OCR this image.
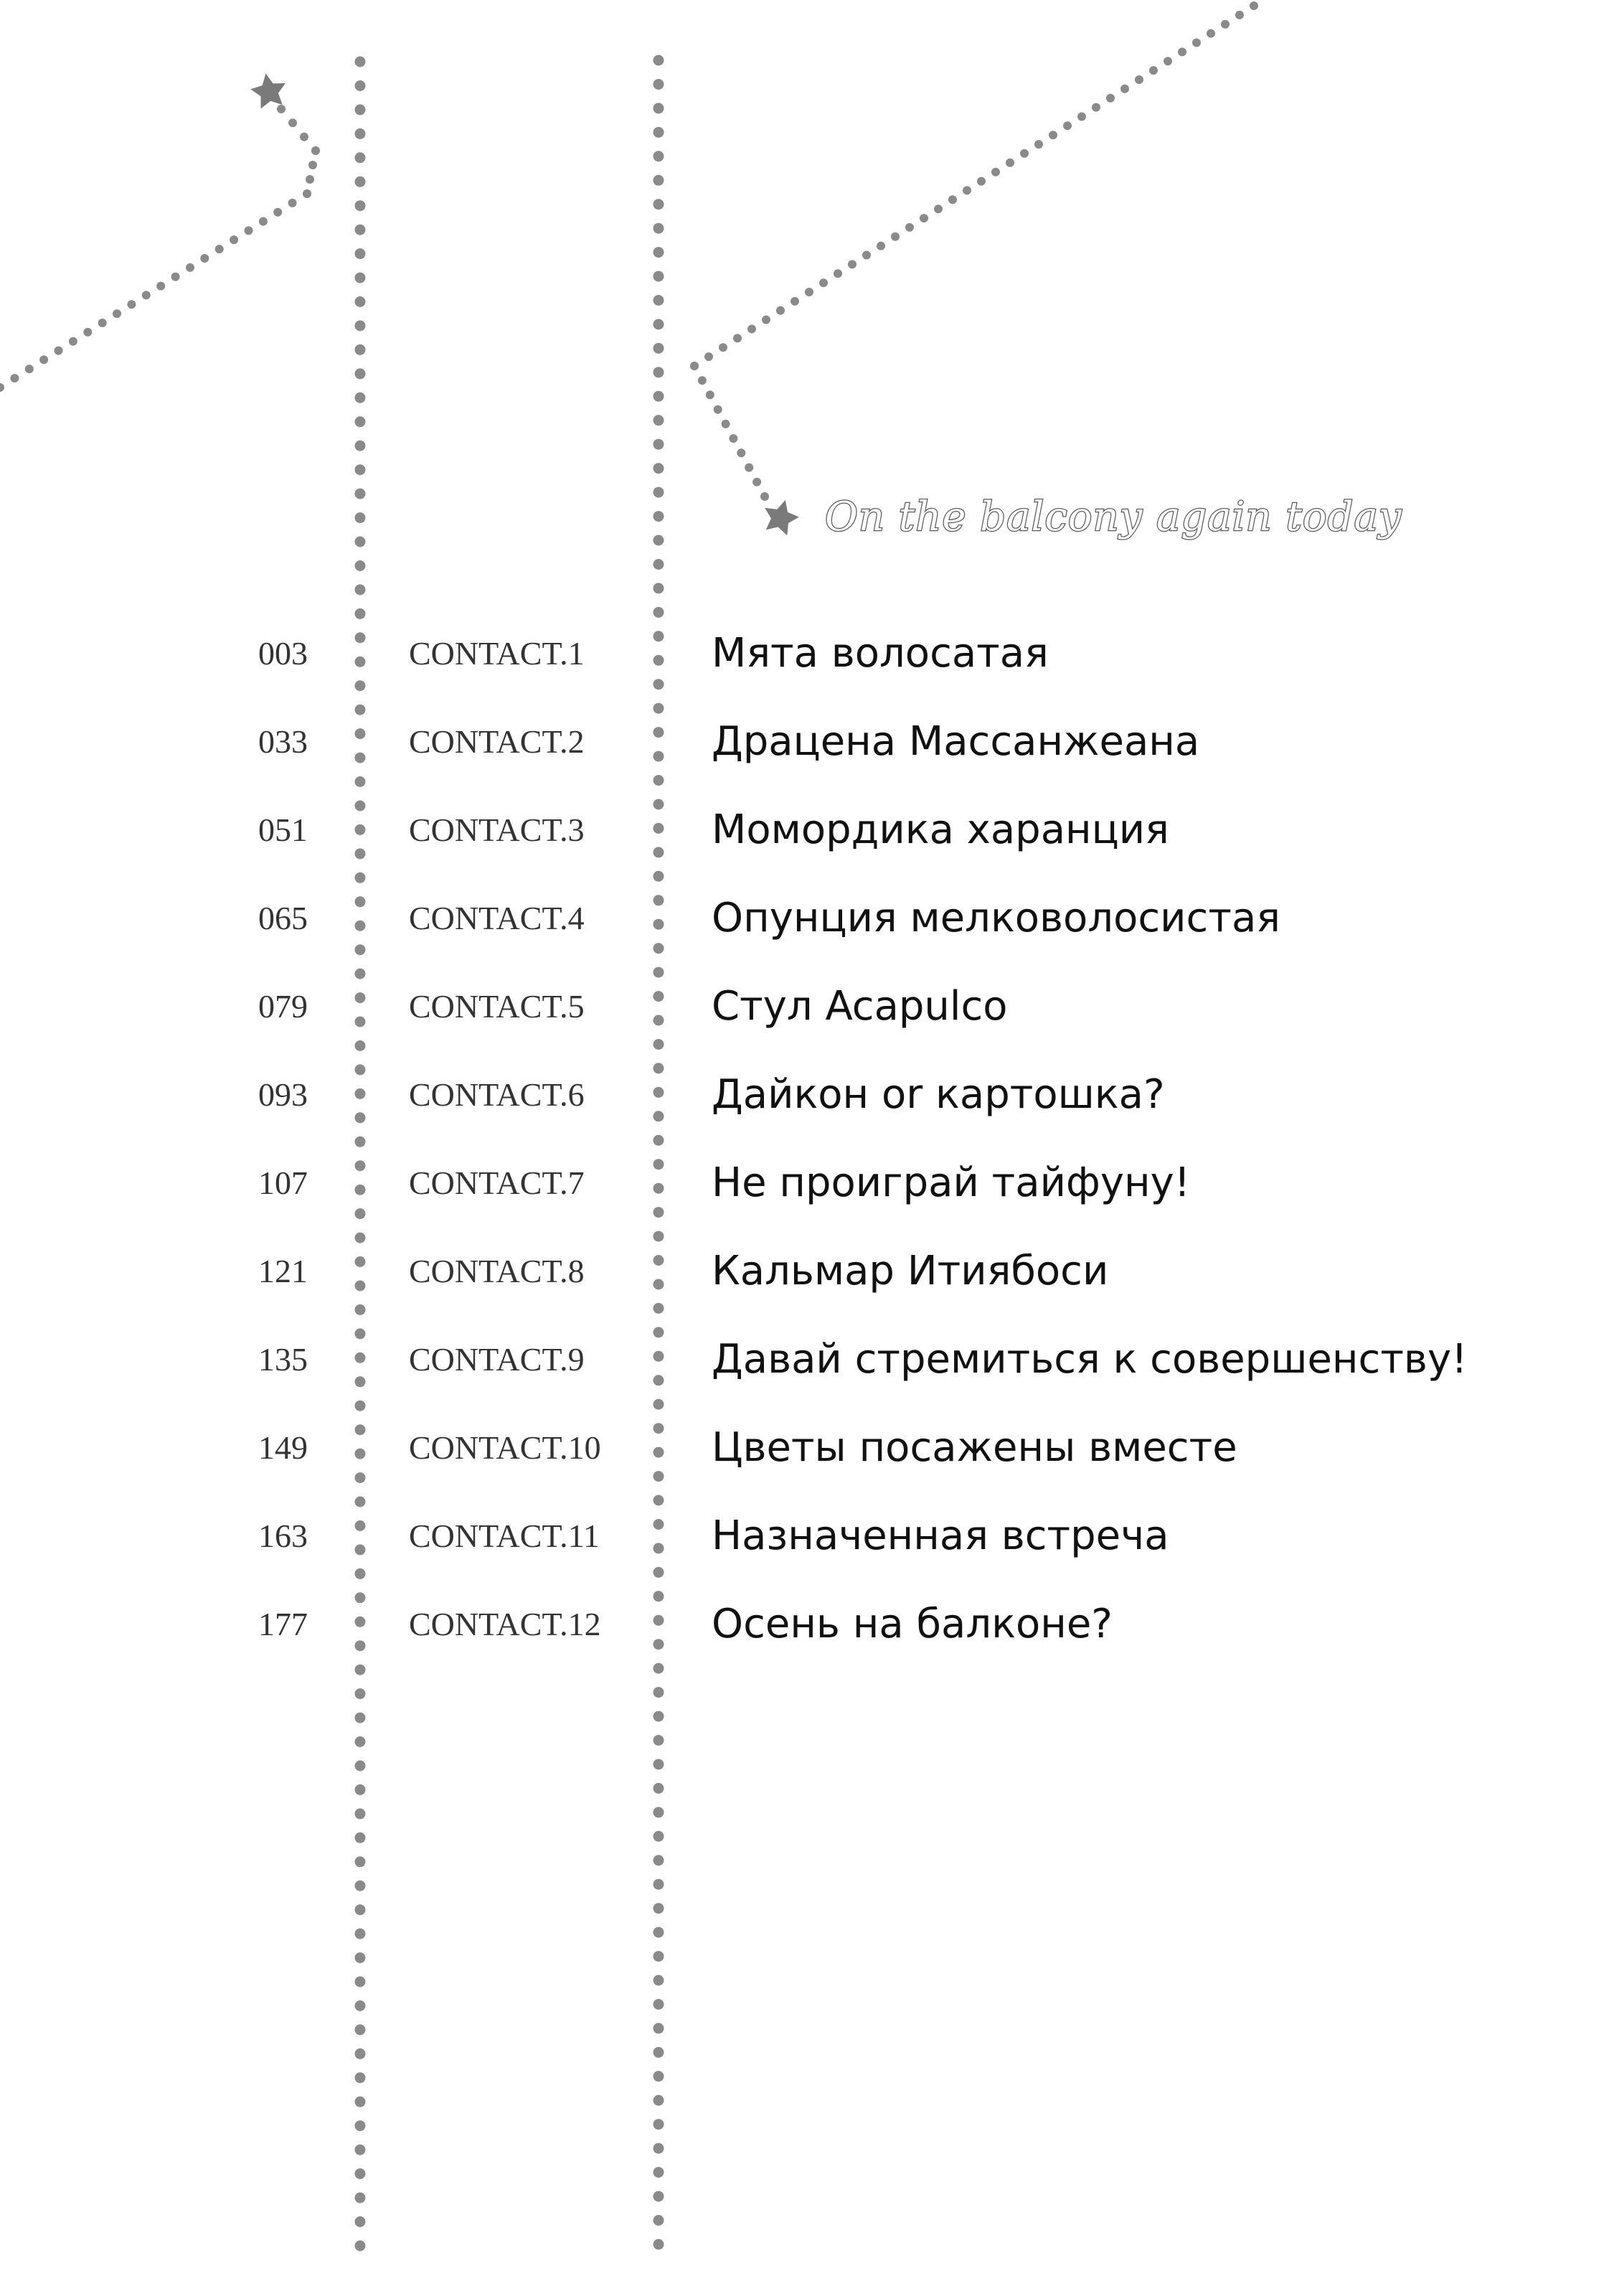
On the balcony again today
003	CONTACT.1	Мята волосатая
033	CONTACT.2	Драцена Массанжеана
051	CONTACT.3	Момордика харанция
065	CONTACT.4	Опунция мелковолосистая
079	CONTACT.5	Стул Acapulco
093	CONTACT.6	Дайкон or картошка?
107	CONTACT.7	Не проиграй тайфуну!
121	CONTACT.8	Кальмар Итиябоси
135	CONTACT.9	Давай стремиться к совершенству!
149	CONTACT.10	Цветы посажены вместе
163	CONTACT.11	Назначенная встреча
177	CONTACT.12	Осень на балконе?
